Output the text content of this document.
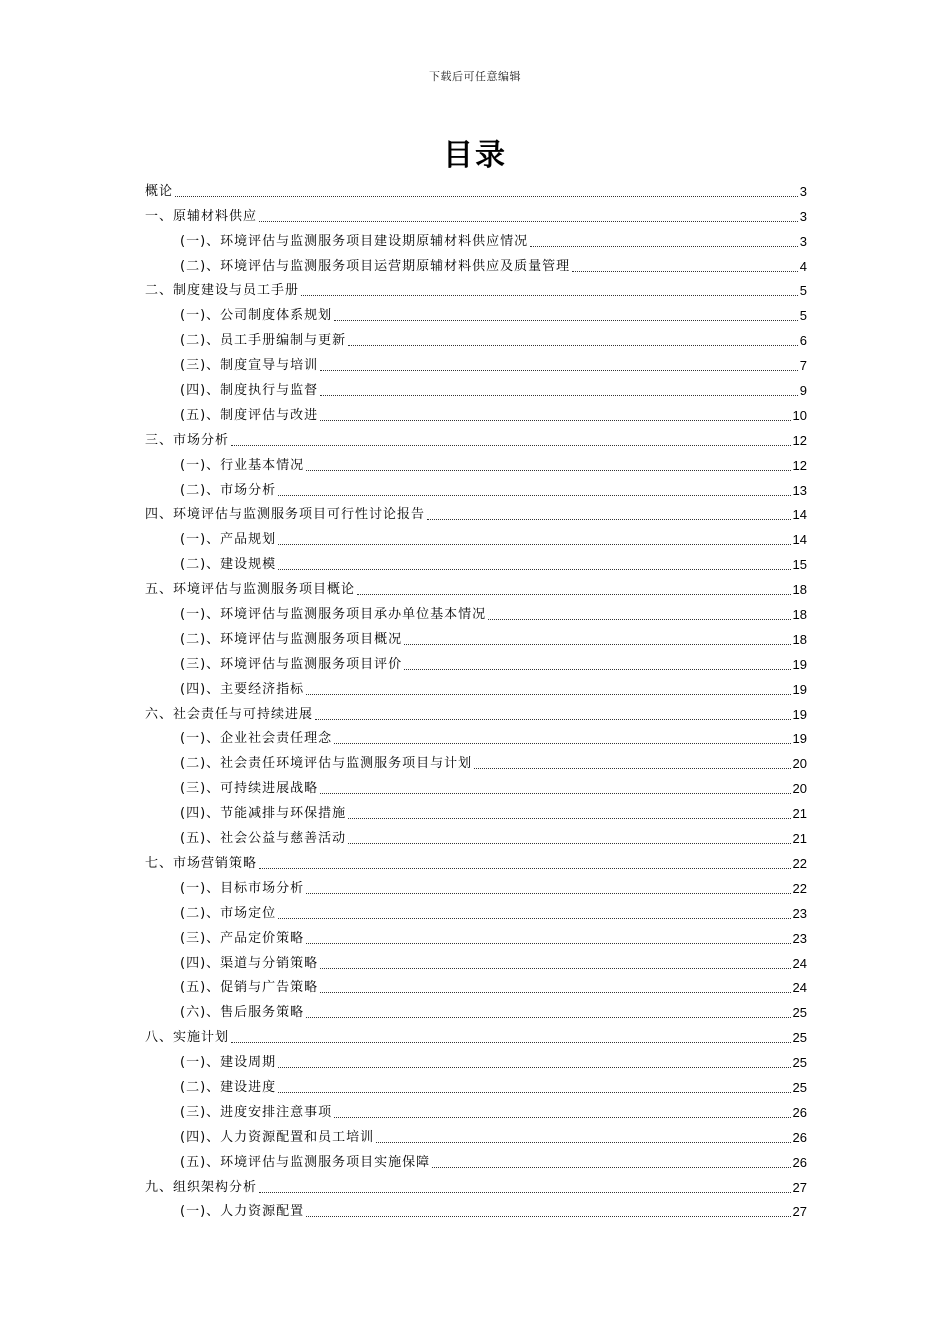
下载后可任意编辑
目录
概论	3
一、原辅材料供应	3
(一)、环境评估与监测服务项目建设期原辅材料供应情况	3
(二)、环境评估与监测服务项目运营期原辅材料供应及质量管理	4
二、制度建设与员工手册	5
(一)、公司制度体系规划	5
(二)、员工手册编制与更新	6
(三)、制度宣导与培训	7
(四)、制度执行与监督	9
(五)、制度评估与改进	10
三、市场分析	12
(一)、行业基本情况	12
(二)、市场分析	13
四、环境评估与监测服务项目可行性讨论报告	14
(一)、产品规划	14
(二)、建设规模	15
五、环境评估与监测服务项目概论	18
(一)、环境评估与监测服务项目承办单位基本情况	18
(二)、环境评估与监测服务项目概况	18
(三)、环境评估与监测服务项目评价	19
(四)、主要经济指标	19
六、社会责任与可持续进展	19
(一)、企业社会责任理念	19
(二)、社会责任环境评估与监测服务项目与计划	20
(三)、可持续进展战略	20
(四)、节能减排与环保措施	21
(五)、社会公益与慈善活动	21
七、市场营销策略	22
(一)、目标市场分析	22
(二)、市场定位	23
(三)、产品定价策略	23
(四)、渠道与分销策略	24
(五)、促销与广告策略	24
(六)、售后服务策略	25
八、实施计划	25
(一)、建设周期	25
(二)、建设进度	25
(三)、进度安排注意事项	26
(四)、人力资源配置和员工培训	26
(五)、环境评估与监测服务项目实施保障	26
九、组织架构分析	27
(一)、人力资源配置	27
